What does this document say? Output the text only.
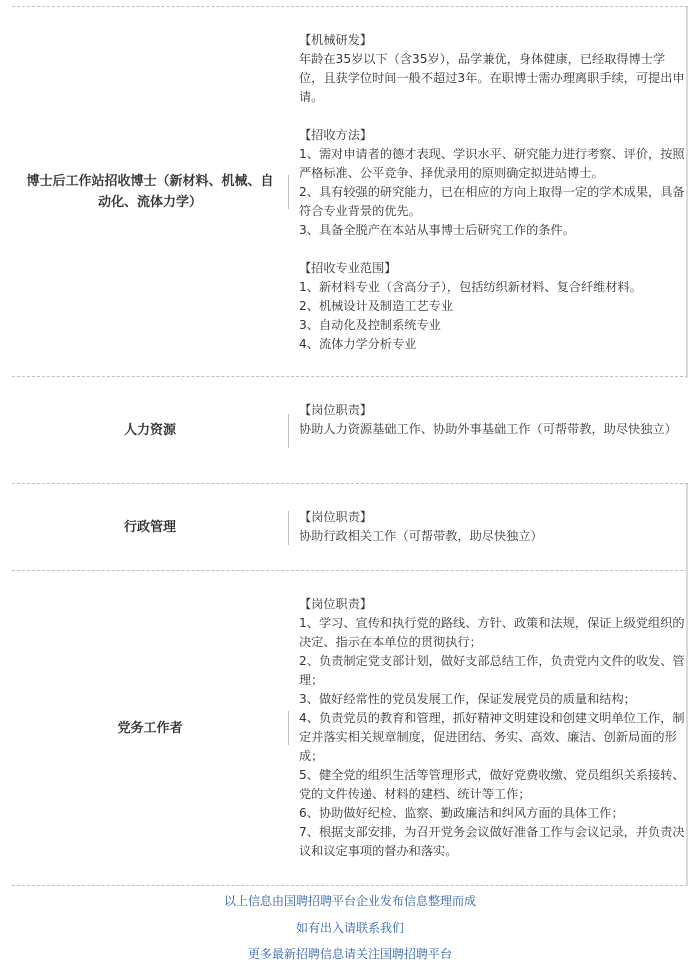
博士后工作站招收博士（新材料、机械、自动化、流体力学）

【机械研发】

年龄在35岁以下（含35岁），品学兼优，身体健康，已经取得博士学位，且获学位时间一般不超过3年。在职博士需办理离职手续，可提出申请。

【招收方法】

1、需对申请者的德才表现、学识水平、研究能力进行考察、评价，按照严格标准、公平竞争、择优录用的原则确定拟进站博士。

2、具有较强的研究能力，已在相应的方向上取得一定的学术成果，具备符合专业背景的优先。

3、具备全脱产在本站从事博士后研究工作的条件。

【招收专业范围】

1、新材料专业（含高分子），包括纺织新材料、复合纤维材料。

2、机械设计及制造工艺专业

3、自动化及控制系统专业

4、流体力学分析专业

人力资源

【岗位职责】

协助人力资源基础工作、协助外事基础工作（可帮带教，助尽快独立）

行政管理

【岗位职责】

协助行政相关工作（可帮带教，助尽快独立）

党务工作者

【岗位职责】

1、学习、宣传和执行党的路线、方针、政策和法规，保证上级党组织的决定、指示在本单位的贯彻执行；

2、负责制定党支部计划，做好支部总结工作，负责党内文件的收发、管理；

3、做好经常性的党员发展工作，保证发展党员的质量和结构；

4、负责党员的教育和管理，抓好精神文明建设和创建文明单位工作，制定并落实相关规章制度，促进团结、务实、高效、廉洁、创新局面的形成；

5、健全党的组织生活等管理形式，做好党费收缴、党员组织关系接转、党的文件传递、材料的建档、统计等工作；

6、协助做好纪检、监察、勤政廉洁和纠风方面的具体工作；

7、根据支部安排，为召开党务会议做好准备工作与会议记录，并负责决议和议定事项的督办和落实。

以上信息由国聘招聘平台企业发布信息整理而成
如有出入请联系我们
更多最新招聘信息请关注国聘招聘平台
